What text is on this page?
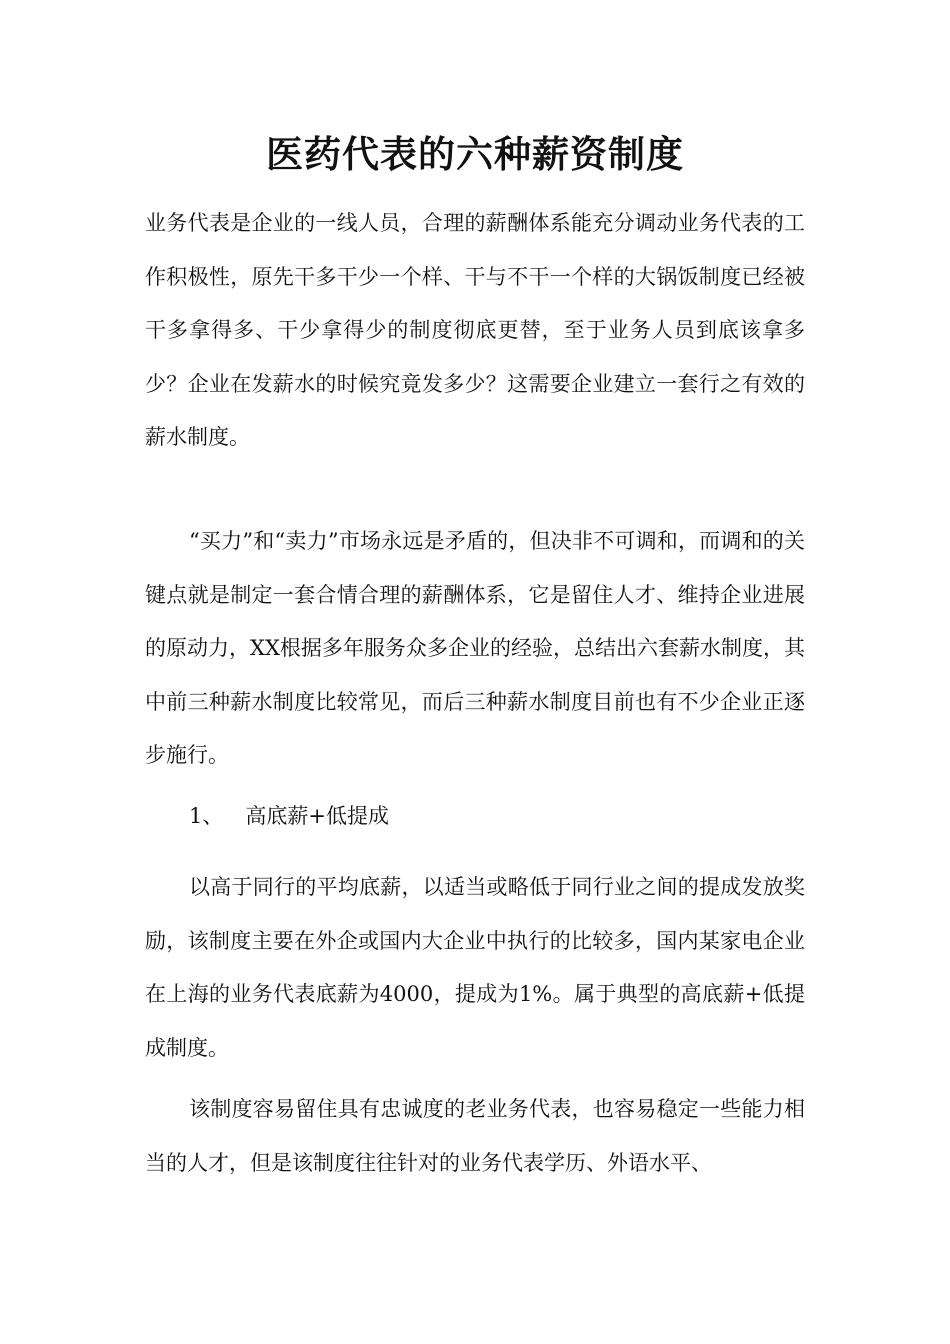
医药代表的六种薪资制度

业务代表是企业的一线人员，合理的薪酬体系能充分调动业务代表的工作积极性，原先干多干少一个样、干与不干一个样的大锅饭制度已经被干多拿得多、干少拿得少的制度彻底更替，至于业务人员到底该拿多少？企业在发薪水的时候究竟发多少？这需要企业建立一套行之有效的薪水制度。

“买力”和“卖力”市场永远是矛盾的，但决非不可调和，而调和的关键点就是制定一套合情合理的薪酬体系，它是留住人才、维持企业进展的原动力，XX根据多年服务众多企业的经验，总结出六套薪水制度，其中前三种薪水制度比较常见，而后三种薪水制度目前也有不少企业正逐步施行。

1、 高底薪+低提成

以高于同行的平均底薪，以适当或略低于同行业之间的提成发放奖励，该制度主要在外企或国内大企业中执行的比较多，国内某家电企业在上海的业务代表底薪为4000，提成为1%。属于典型的高底薪+低提成制度。

该制度容易留住具有忠诚度的老业务代表，也容易稳定一些能力相当的人才，但是该制度往往针对的业务代表学历、外语水平、
